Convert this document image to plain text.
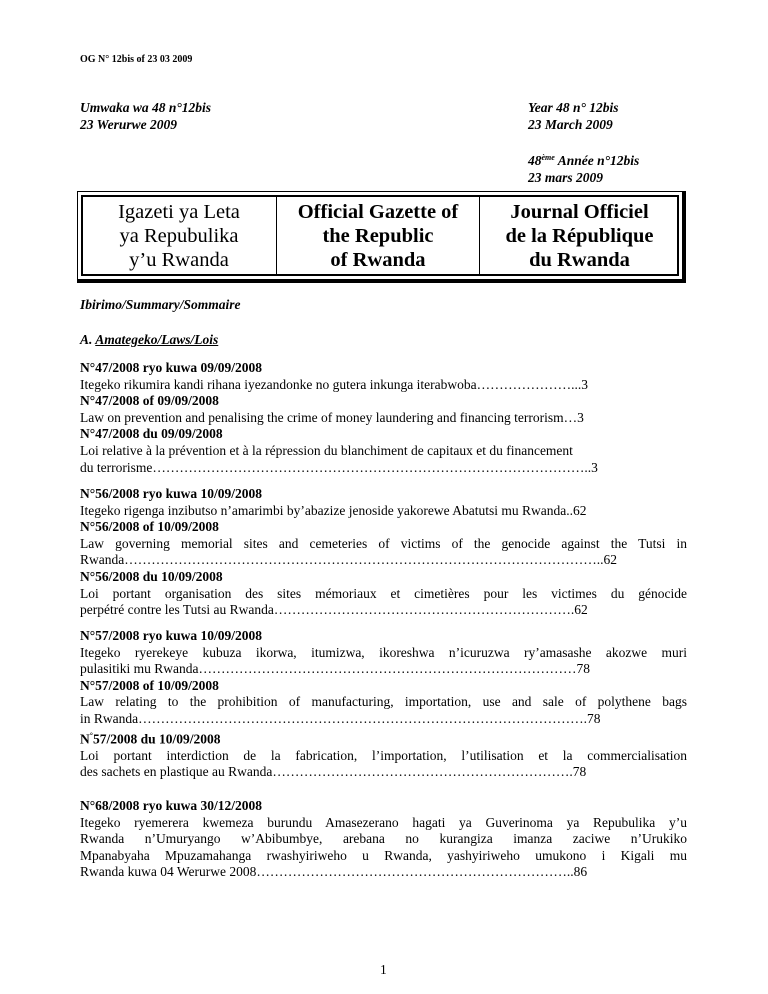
OG N° 12bis of 23 03 2009
Umwaka wa 48 n°12bis
23 Werurwe 2009
Year 48 n° 12bis
23 March 2009
48ème Année n°12bis
23 mars 2009
Igazeti ya Leta
ya Repubulika
y’u Rwanda
Official Gazette of
the Republic
of Rwanda
Journal Officiel
de la République
du Rwanda
Ibirimo/Summary/Sommaire
A. Amategeko/Laws/Lois
N°47/2008 ryo kuwa 09/09/2008
Itegeko rikumira kandi rihana iyezandonke no gutera inkunga iterabwoba…………………...3
N°47/2008 of 09/09/2008
Law on prevention and penalising the crime of money laundering and financing terrorism…3
N°47/2008 du 09/09/2008
Loi relative à la prévention et à la répression du blanchiment de capitaux et du financement
du terrorisme……………………………………………………………………………………..3
N°56/2008 ryo kuwa 10/09/2008
Itegeko rigenga inzibutso n’amarimbi by’abazize jenoside yakorewe Abatutsi mu Rwanda..62
N°56/2008 of 10/09/2008
Law governing memorial sites and cemeteries of victims of the genocide against the Tutsi in
Rwanda……………………………………………………………………………………………..62
N°56/2008 du 10/09/2008
Loi portant organisation des sites mémoriaux et cimetières pour les victimes du génocide
perpétré contre les Tutsi au Rwanda………………………………………………………….62
N°57/2008 ryo kuwa 10/09/2008
Itegeko ryerekeye kubuza ikorwa, itumizwa, ikoreshwa n’icuruzwa ry’amasashe akozwe muri
pulasitiki mu Rwanda…………………………………………………………………………78
N°57/2008 of 10/09/2008
Law relating to the prohibition of manufacturing, importation, use and sale of polythene bags
in Rwanda……………………………………………………………………………………….78
N°57/2008 du 10/09/2008
Loi portant interdiction de la fabrication, l’importation, l’utilisation et la commercialisation
des sachets en plastique au Rwanda………………………………………………………….78
N°68/2008 ryo kuwa 30/12/2008
Itegeko ryemerera kwemeza burundu Amasezerano hagati ya Guverinoma ya Repubulika y’u
Rwanda n’Umuryango w’Abibumbye, arebana no kurangiza imanza zaciwe n’Urukiko
Mpanabyaha Mpuzamahanga rwashyiriweho u Rwanda, yashyiriweho umukono i Kigali mu
Rwanda kuwa 04 Werurwe 2008……………………………………………………………..86
1
